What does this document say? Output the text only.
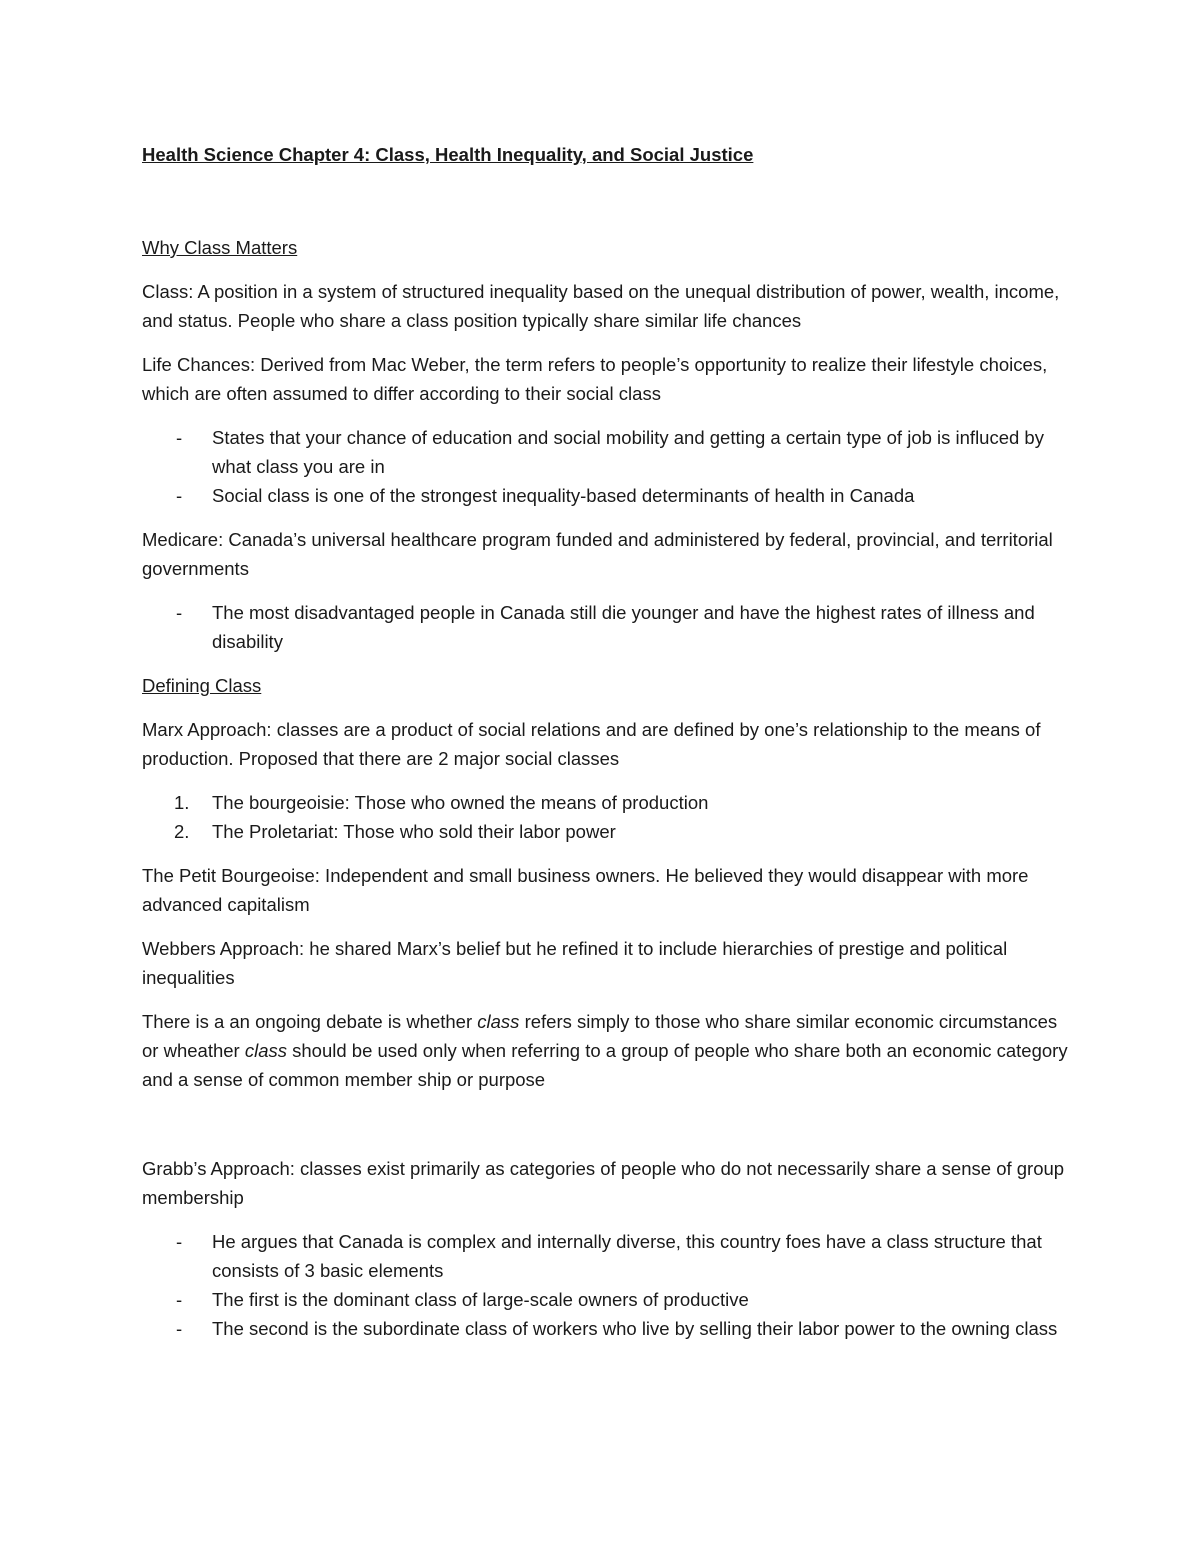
Health Science Chapter 4: Class, Health Inequality, and Social Justice

Why Class Matters

Class: A position in a system of structured inequality based on the unequal distribution of power, wealth, income, and status. People who share a class position typically share similar life chances

Life Chances: Derived from Mac Weber, the term refers to people’s opportunity to realize their lifestyle choices, which are often assumed to differ according to their social class

- States that your chance of education and social mobility and getting a certain type of job is influced by what class you are in
- Social class is one of the strongest inequality-based determinants of health in Canada

Medicare: Canada’s universal healthcare program funded and administered by federal, provincial, and territorial governments

- The most disadvantaged people in Canada still die younger and have the highest rates of illness and disability

Defining Class

Marx Approach: classes are a product of social relations and are defined by one’s relationship to the means of production. Proposed that there are 2 major social classes

1. The bourgeoisie: Those who owned the means of production
2. The Proletariat: Those who sold their labor power

The Petit Bourgeoise: Independent and small business owners. He believed they would disappear with more advanced capitalism

Webbers Approach: he shared Marx’s belief but he refined it to include hierarchies of prestige and political inequalities

There is a an ongoing debate is whether class refers simply to those who share similar economic circumstances or wheather class should be used only when referring to a group of people who share both an economic category and a sense of common member ship or purpose

Grabb’s Approach: classes exist primarily as categories of people who do not necessarily share a sense of group membership

- He argues that Canada is complex and internally diverse, this country foes have a class structure that consists of 3 basic elements
- The first is the dominant class of large-scale owners of productive
- The second is the subordinate class of workers who live by selling their labor power to the owning class
